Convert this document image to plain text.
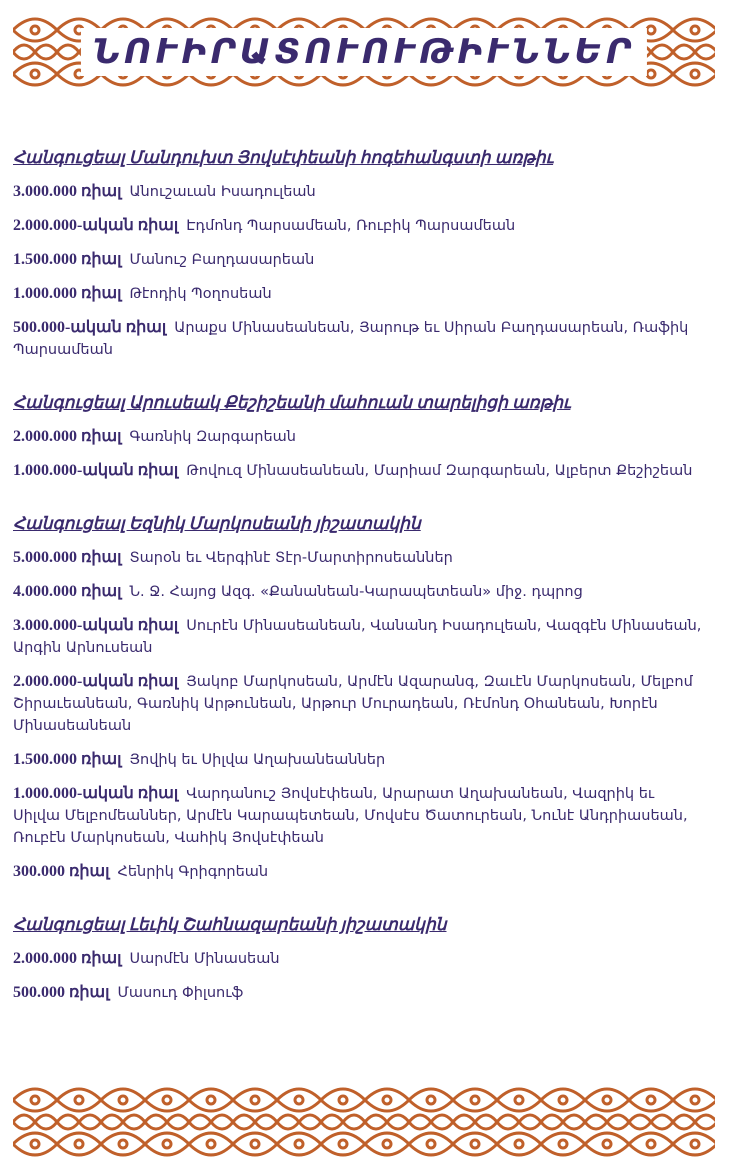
ՆՈՒԻՐԱՏՈՒՈՒԹԻՒՆՆԵՐ
Հանգուցեալ Մանդուխտ Յովսէփեանի հոգեհանգստի առթիւ
3.000.000 ռիալ Անուշաւան Իսադուլեան
2.000.000-ական ռիալ Էդմոնդ Պարսամեան, Ռուբիկ Պարսամեան
1.500.000 ռիալ Մանուշ Բաղդասարեան
1.000.000 ռիալ Թէոդիկ Պօղոսեան
500.000-ական ռիալ Արաքս Մինասեանեան, Յարութ եւ Սիրան Բաղդասարեան, Ռաֆիկ Պարսամեան
Հանգուցեալ Արուսեակ Քեշիշեանի մահուան տարելիցի առթիւ
2.000.000 ռիալ Գառնիկ Զարգարեան
1.000.000-ական ռիալ Թովուզ Մինասեանեան, Մարիամ Զարգարեան, Ալբերտ Քեշիշեան
Հանգուցեալ Եզնիկ Մարկոսեանի յիշատակին
5.000.000 ռիալ Տարօն եւ Վերգինէ Տէր-Մարտիրոսեաններ
4.000.000 ռիալ Ն. Ջ. Հայոց Ազգ. «Քանանեան-Կարապետեան» միջ. դպրոց
3.000.000-ական ռիալ Սուրէն Մինասեանեան, Վանանդ Իսադուլեան, Վազգէն Մինասեան, Արգին Արնուսեան
2.000.000-ական ռիալ Յակոբ Մարկոսեան, Արմէն Ազարանգ, Զաւէն Մարկոսեան, Մելբոմ Շիրաւեանեան, Գառնիկ Արթունեան, Արթուր Մուրադեան, Ռէմոնդ Օհանեան, Խորէն Մինասեանեան
1.500.000 ռիալ Յովիկ եւ Սիլվա Աղախանեաններ
1.000.000-ական ռիալ Վարդանուշ Յովսէփեան, Արարատ Աղախանեան, Վազրիկ եւ Սիլվա Մելբոմեաններ, Արմէն Կարապետեան, Մովսէս Ծատուրեան, Նունէ Անդրիասեան, Ռուբէն Մարկոսեան, Վահիկ Յովսէփեան
300.000 ռիալ Հենրիկ Գրիգորեան
Հանգուցեալ Լեւիկ Շահնազարեանի յիշատակին
2.000.000 ռիալ Սարմէն Մինասեան
500.000 ռիալ Մասուդ Փիլսուֆ
